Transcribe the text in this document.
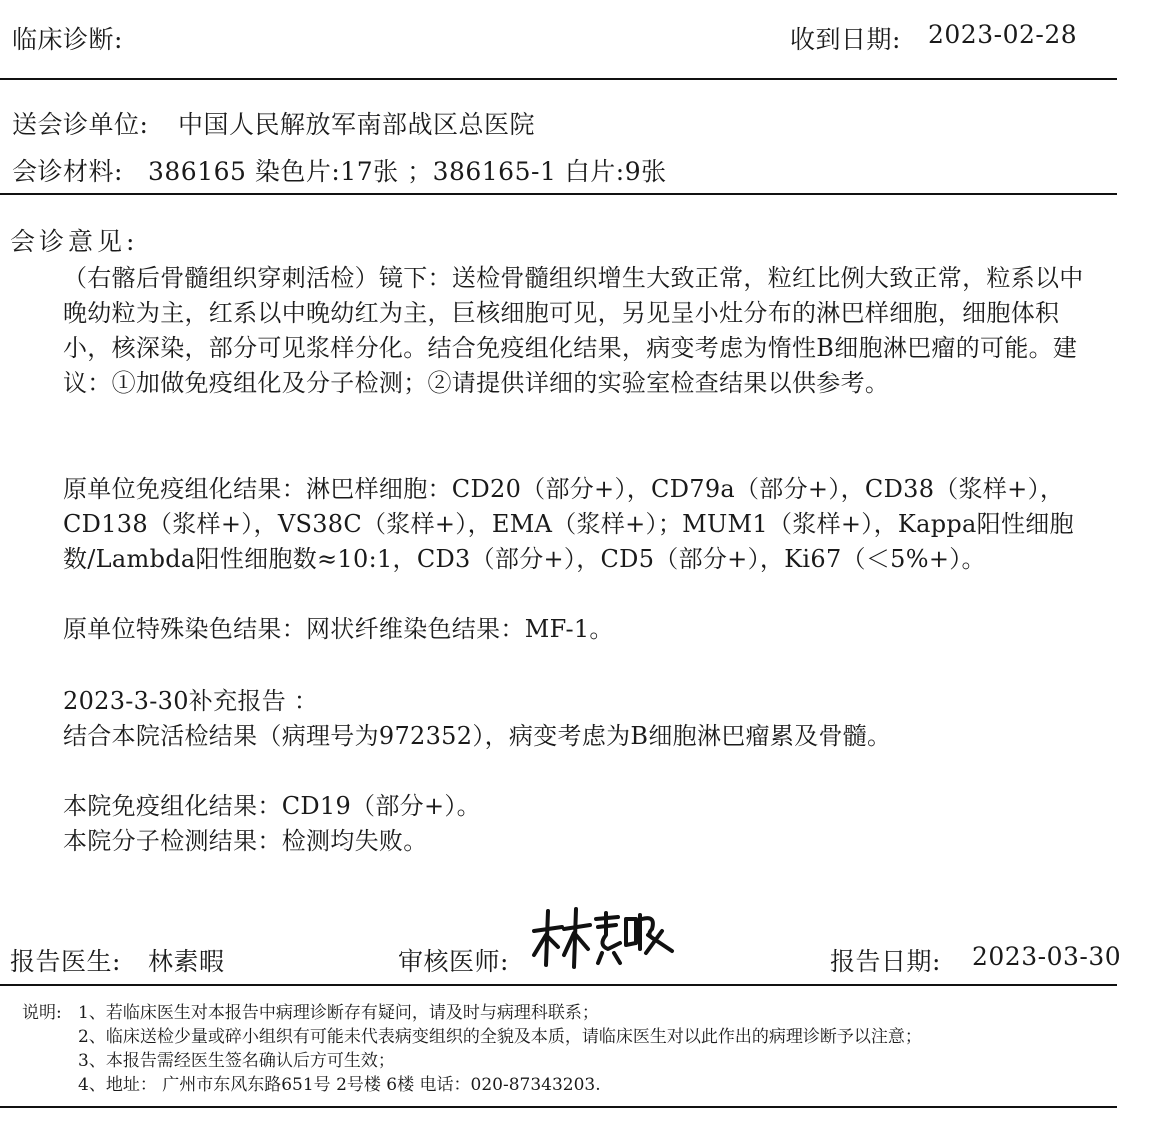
临床诊断:	收到日期: 2023-02-28
送会诊单位: 中国人民解放军南部战区总医院
会诊材料: 386165 染色片:17张 ；386165-1 白片:9张
会诊意见:
（右髂后骨髓组织穿刺活检）镜下：送检骨髓组织增生大致正常，粒红比例大致正常，粒系以中晚幼粒为主，红系以中晚幼红为主，巨核细胞可见，另见呈小灶分布的淋巴样细胞，细胞体积小，核深染，部分可见浆样分化。结合免疫组化结果，病变考虑为惰性B细胞淋巴瘤的可能。建议：①加做免疫组化及分子检测；②请提供详细的实验室检查结果以供参考。
原单位免疫组化结果：淋巴样细胞：CD20（部分+），CD79a（部分+），CD38（浆样+），CD138（浆样+），VS38C（浆样+），EMA（浆样+）；MUM1（浆样+），Kappa阳性细胞数/Lambda阳性细胞数≈10:1，CD3（部分+），CD5（部分+），Ki67（＜5%+）。
原单位特殊染色结果：网状纤维染色结果：MF-1。
2023-3-30补充报告 ：
结合本院活检结果（病理号为972352），病变考虑为B细胞淋巴瘤累及骨髓。
本院免疫组化结果：CD19（部分+）。
本院分子检测结果：检测均失败。
报告医生: 林素暇	审核医师:	报告日期: 2023-03-30
说明: 1、若临床医生对本报告中病理诊断存有疑问，请及时与病理科联系；
2、临床送检少量或碎小组织有可能未代表病变组织的全貌及本质，请临床医生对以此作出的病理诊断予以注意；
3、本报告需经医生签名确认后方可生效；
4、地址： 广州市东风东路651号 2号楼 6楼 电话：020-87343203.
